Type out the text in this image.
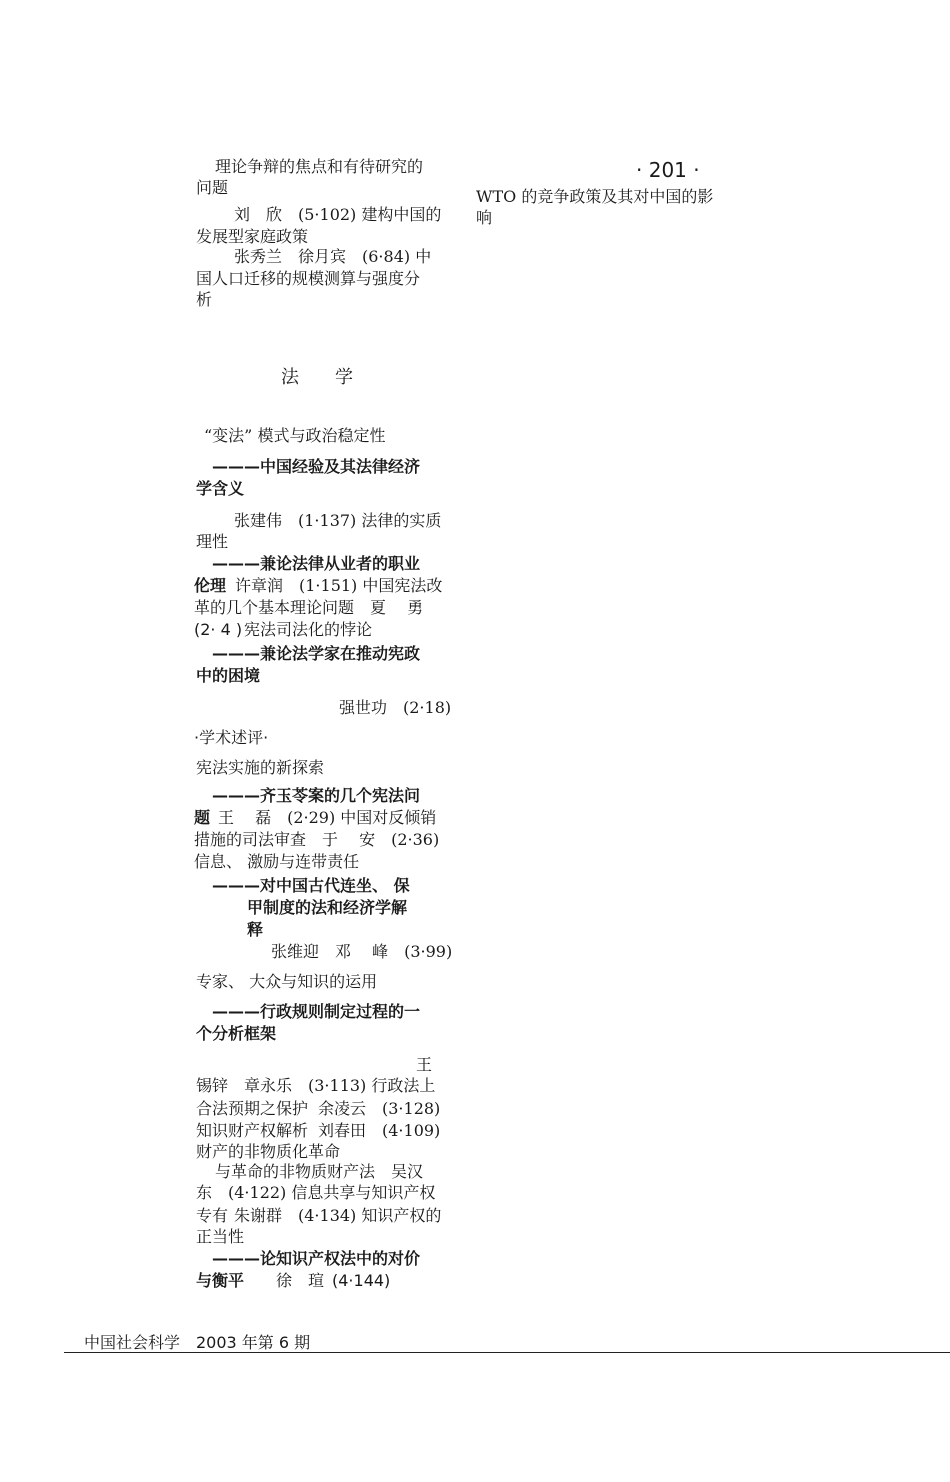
· 201 ·
WTO 的竞争政策及其对中国的影
响
理论争辩的焦点和有待研究的
问题
刘　欣　(5·102) 建构中国的
发展型家庭政策
张秀兰　徐月宾　(6·84) 中
国人口迁移的规模测算与强度分
析
法　　学
“变法” 模式与政治稳定性
———中国经验及其法律经济
学含义
张建伟　(1·137) 法律的实质
理性
———兼论法律从业者的职业
伦理 许章润　(1·151) 中国宪法改
革的几个基本理论问题　夏　 勇
(2· 4 ) 宪法司法化的悖论
———兼论法学家在推动宪政
中的困境
强世功　(2·18)
·学术述评·
宪法实施的新探索
———齐玉苓案的几个宪法问
题 王　 磊　(2·29) 中国对反倾销
措施的司法审查　于　 安　(2·36)
信息、 激励与连带责任
———对中国古代连坐、 保
甲制度的法和经济学解
释
张维迎　邓　 峰　(3·99)
专家、 大众与知识的运用
———行政规则制定过程的一
个分析框架
王
锡锌　章永乐　(3·113) 行政法上
合法预期之保护 余凌云　(3·128)
知识财产权解析 刘春田　(4·109)
财产的非物质化革命
与革命的非物质财产法　吴汉
东　(4·122) 信息共享与知识产权
专有 朱谢群　(4·134) 知识产权的
正当性
———论知识产权法中的对价
与衡平 徐　瑄 (4·144)
中国社会科学　2003 年第 6 期
